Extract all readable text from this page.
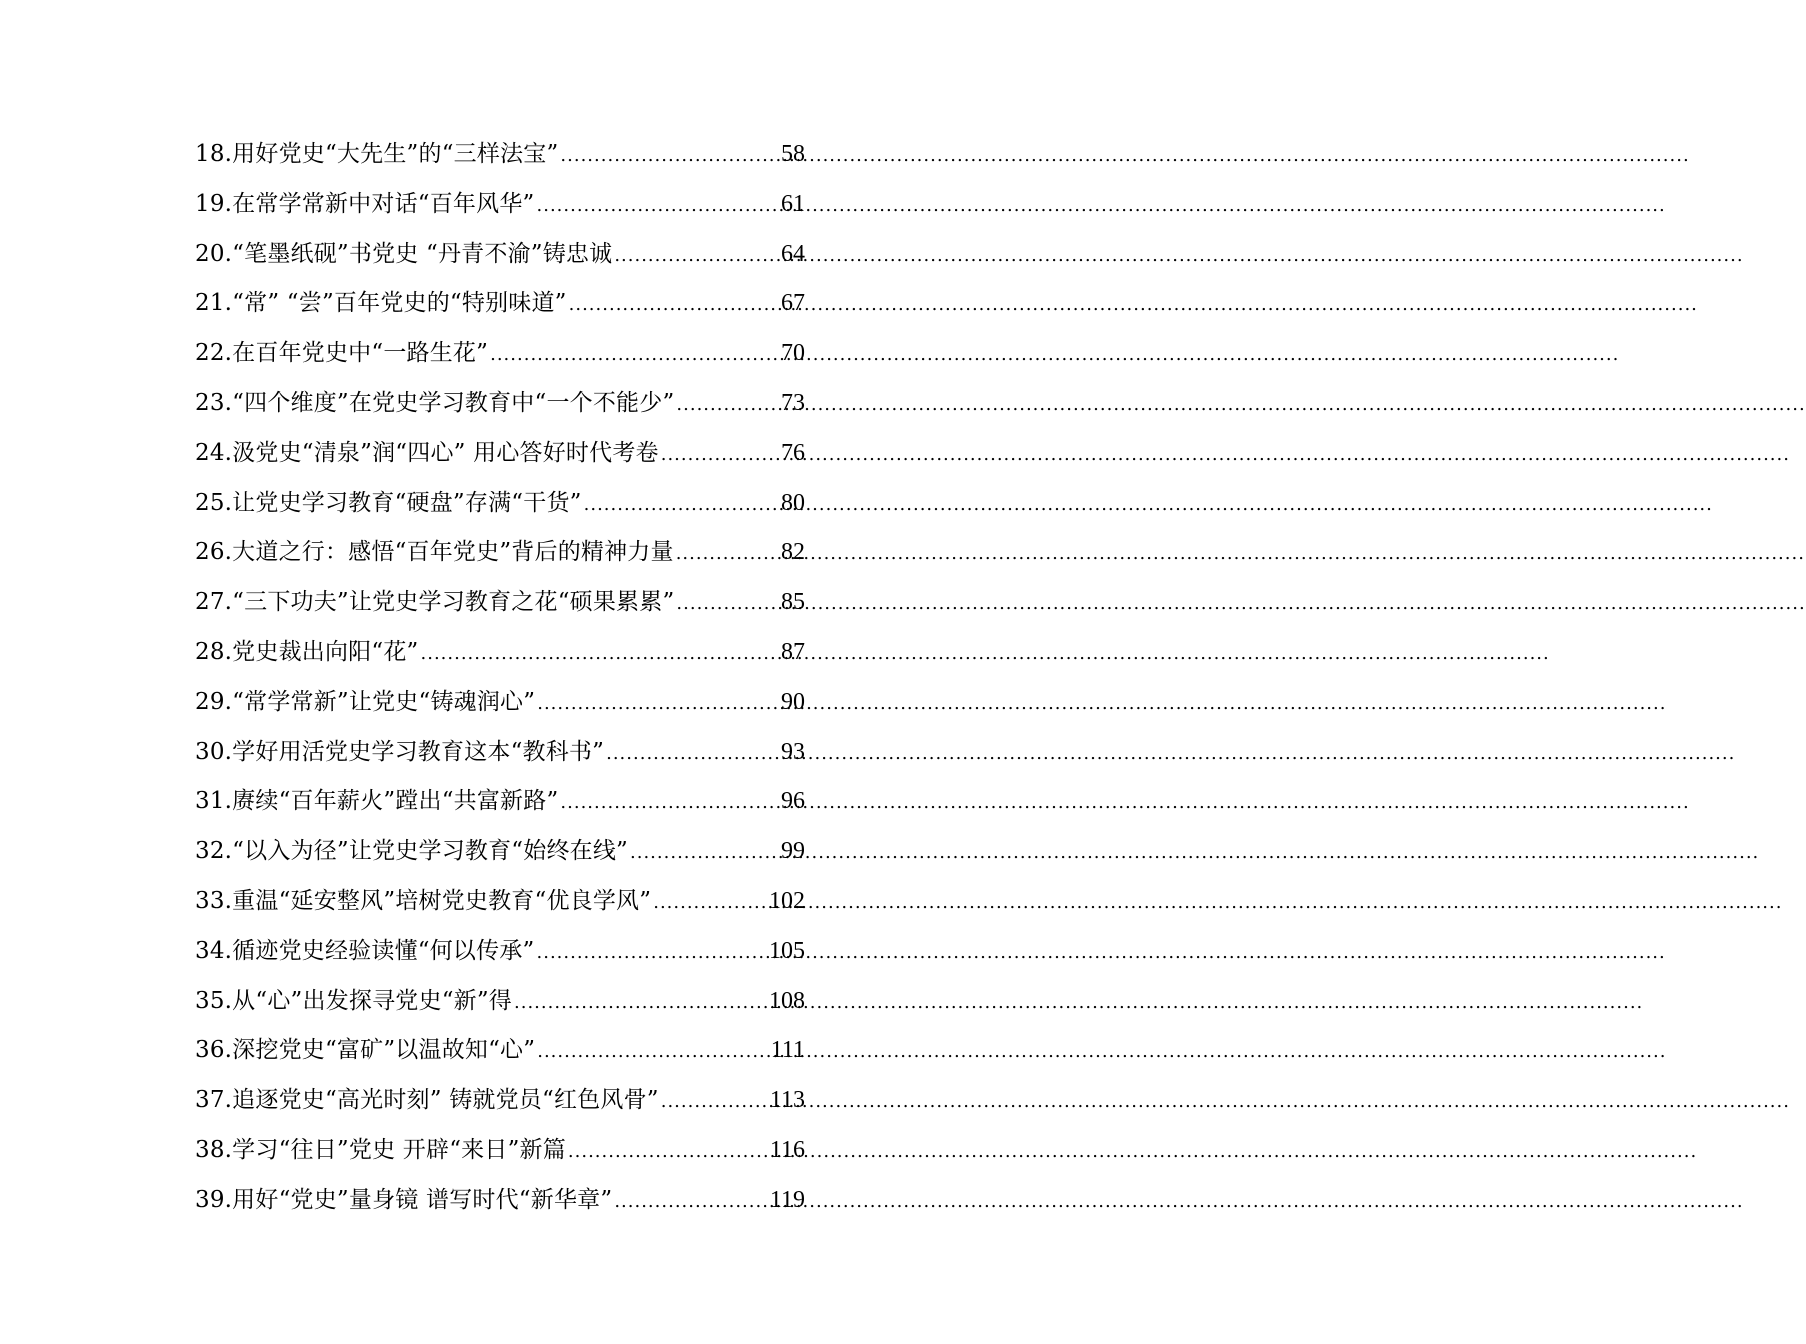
18.用好党史“大先生”的“三样法宝” .....	58
19.在常学常新中对话“百年风华” .....	61
20.“笔墨纸砚”书党史 “丹青不渝”铸忠诚 .....	64
21.“常” “尝”百年党史的“特别味道” .....	67
22.在百年党史中“一路生花” .....	70
23.“四个维度”在党史学习教育中“一个不能少” .....	73
24.汲党史“清泉”润“四心” 用心答好时代考卷 .....	76
25.让党史学习教育“硬盘”存满“干货” .....	80
26.大道之行：感悟“百年党史”背后的精神力量 .....	82
27.“三下功夫”让党史学习教育之花“硕果累累” .....	85
28.党史裁出向阳“花” .....	87
29.“常学常新”让党史“铸魂润心” .....	90
30.学好用活党史学习教育这本“教科书” .....	93
31.赓续“百年薪火”蹚出“共富新路” .....	96
32.“以入为径”让党史学习教育“始终在线” .....	99
33.重温“延安整风”培树党史教育“优良学风” .....	102
34.循迹党史经验读懂“何以传承” .....	105
35.从“心”出发探寻党史“新”得 .....	108
36.深挖党史“富矿”以温故知“心” .....	111
37.追逐党史“高光时刻” 铸就党员“红色风骨” .....	113
38.学习“往日”党史 开辟“来日”新篇 .....	116
39.用好“党史”量身镜 谱写时代“新华章” .....	119
